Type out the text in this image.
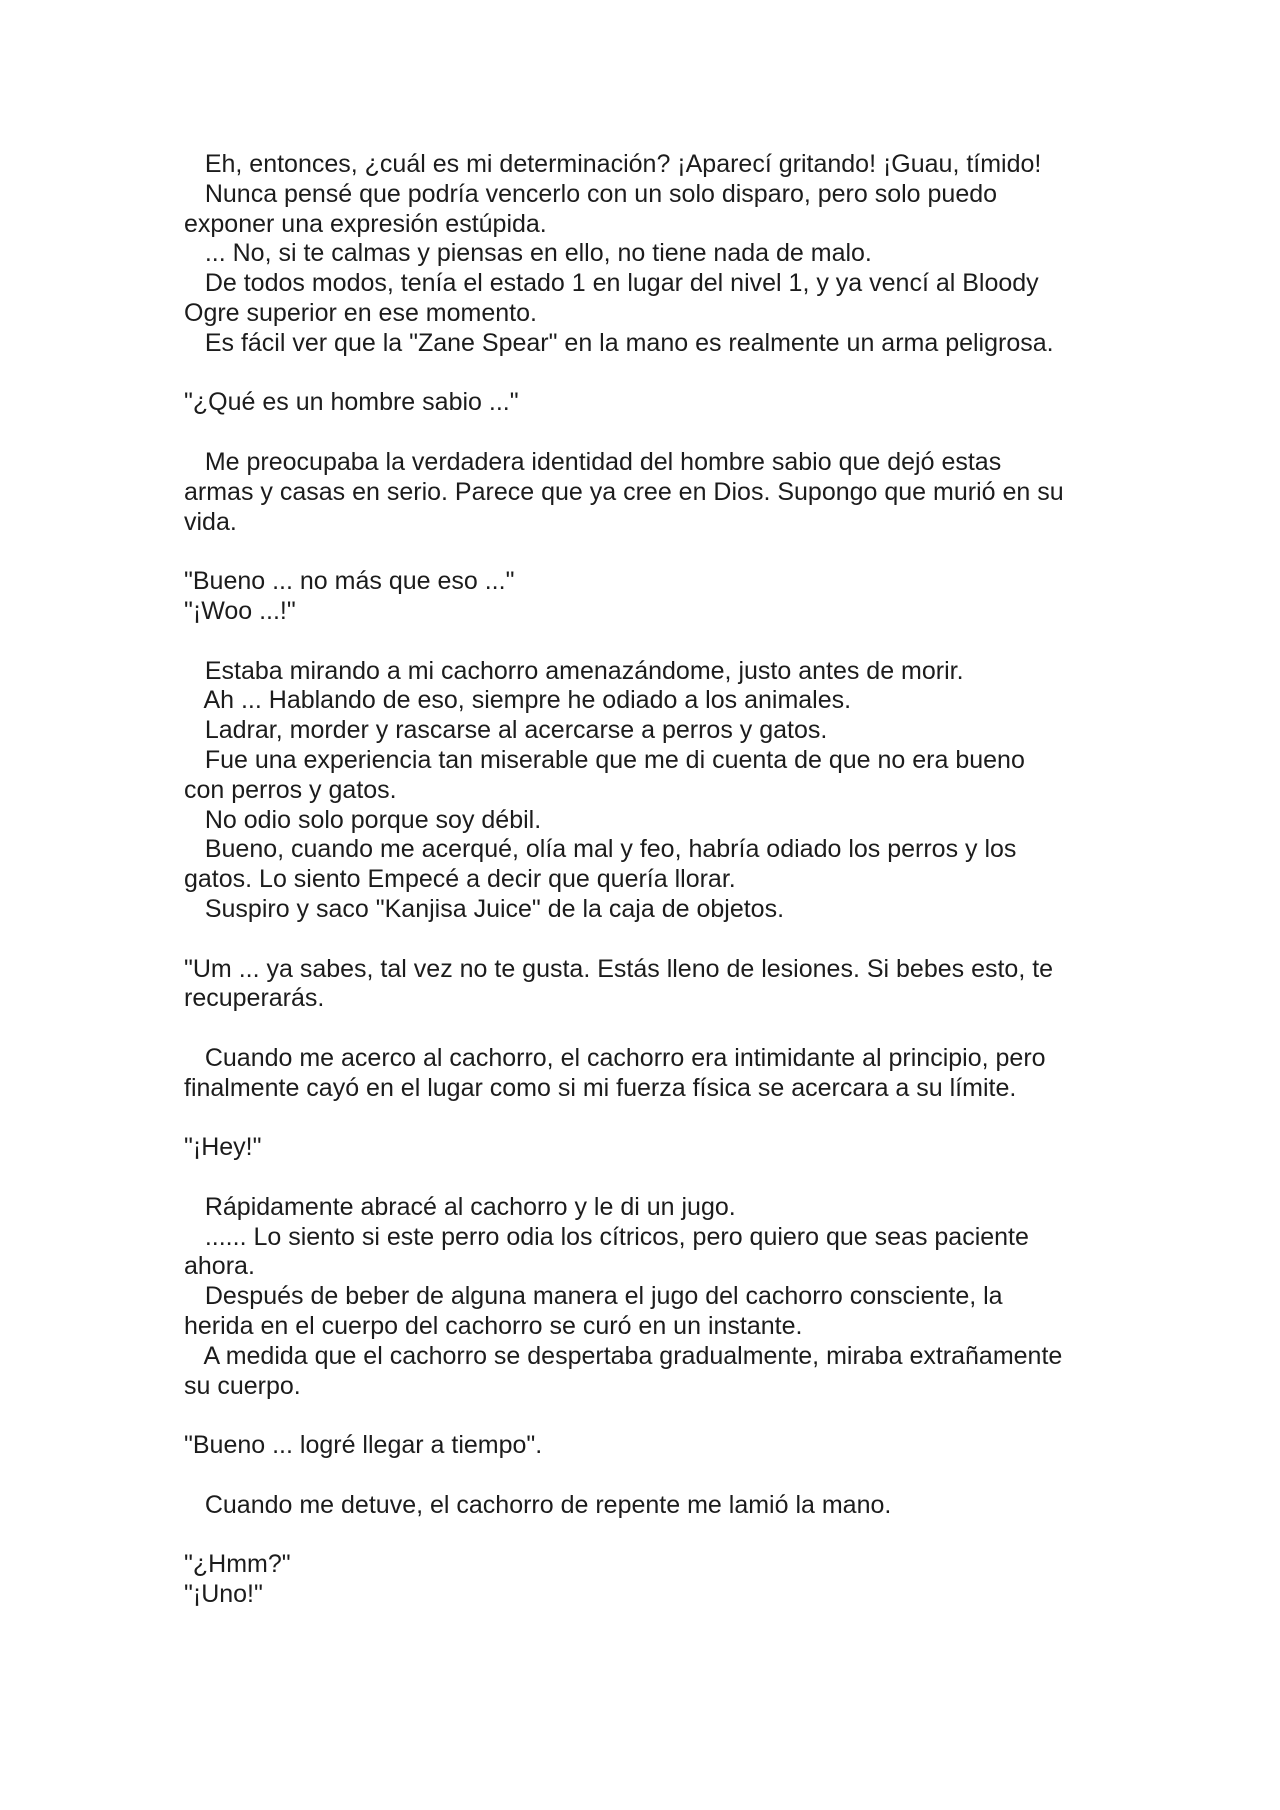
Eh, entonces, ¿cuál es mi determinación? ¡Aparecí gritando! ¡Guau, tímido!
Nunca pensé que podría vencerlo con un solo disparo, pero solo puedo
exponer una expresión estúpida.
... No, si te calmas y piensas en ello, no tiene nada de malo.
De todos modos, tenía el estado 1 en lugar del nivel 1, y ya vencí al Bloody
Ogre superior en ese momento.
Es fácil ver que la "Zane Spear" en la mano es realmente un arma peligrosa.
"¿Qué es un hombre sabio ..."
Me preocupaba la verdadera identidad del hombre sabio que dejó estas
armas y casas en serio. Parece que ya cree en Dios. Supongo que murió en su
vida.
"Bueno ... no más que eso ..."
"¡Woo ...!"
Estaba mirando a mi cachorro amenazándome, justo antes de morir.
Ah ... Hablando de eso, siempre he odiado a los animales.
Ladrar, morder y rascarse al acercarse a perros y gatos.
Fue una experiencia tan miserable que me di cuenta de que no era bueno
con perros y gatos.
No odio solo porque soy débil.
Bueno, cuando me acerqué, olía mal y feo, habría odiado los perros y los
gatos. Lo siento Empecé a decir que quería llorar.
Suspiro y saco "Kanjisa Juice" de la caja de objetos.
"Um ... ya sabes, tal vez no te gusta. Estás lleno de lesiones. Si bebes esto, te
recuperarás.
Cuando me acerco al cachorro, el cachorro era intimidante al principio, pero
finalmente cayó en el lugar como si mi fuerza física se acercara a su límite.
"¡Hey!"
Rápidamente abracé al cachorro y le di un jugo.
...... Lo siento si este perro odia los cítricos, pero quiero que seas paciente
ahora.
Después de beber de alguna manera el jugo del cachorro consciente, la
herida en el cuerpo del cachorro se curó en un instante.
A medida que el cachorro se despertaba gradualmente, miraba extrañamente
su cuerpo.
"Bueno ... logré llegar a tiempo".
Cuando me detuve, el cachorro de repente me lamió la mano.
"¿Hmm?"
"¡Uno!"
